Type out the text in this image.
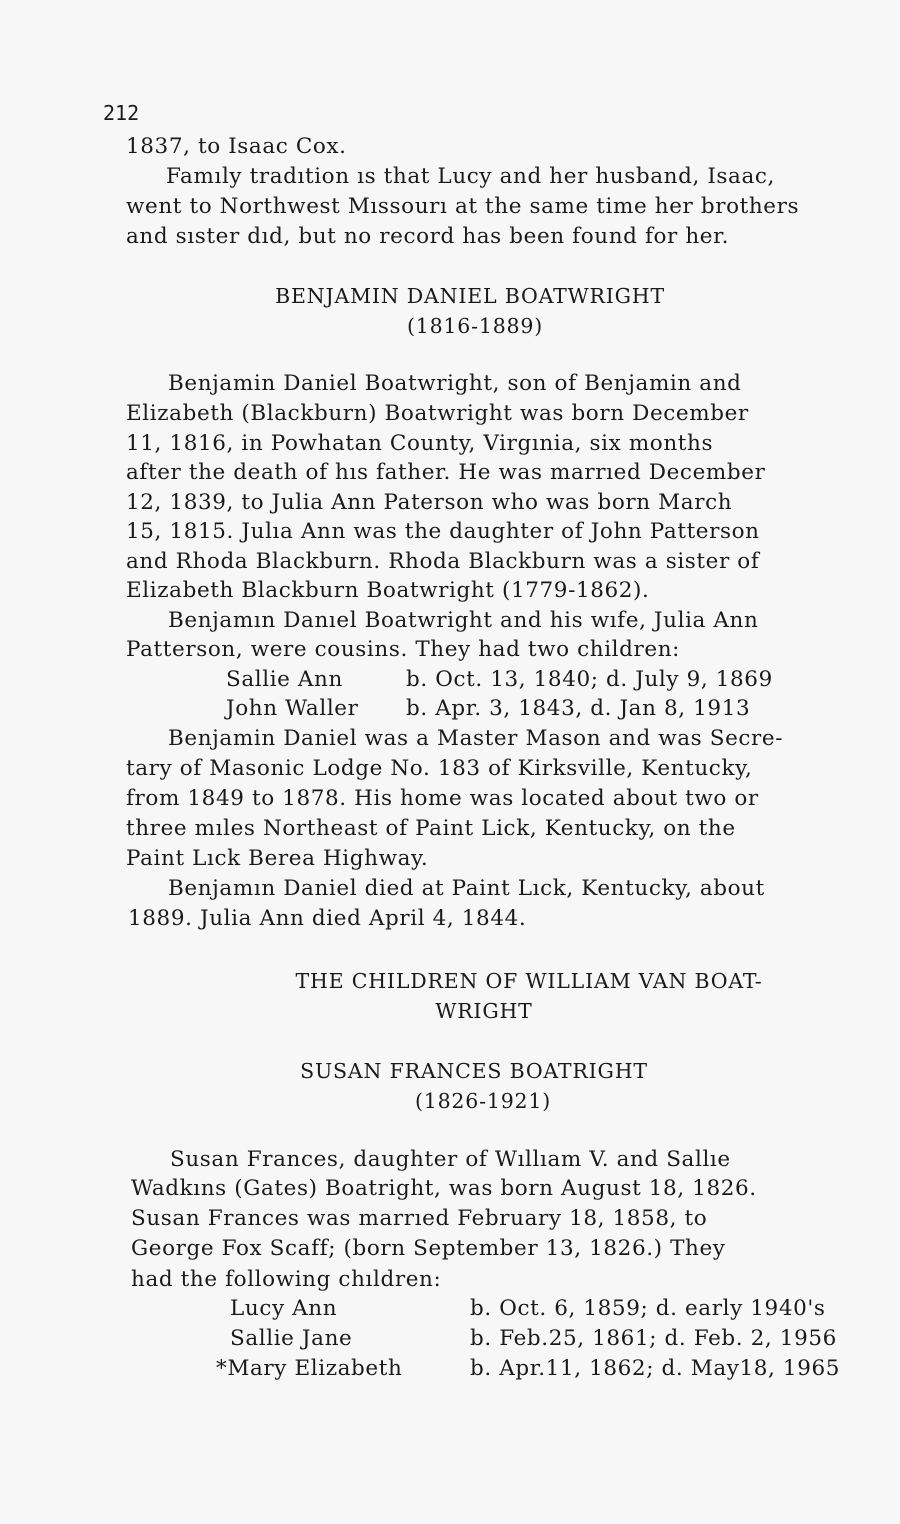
212
1837, to Isaac Cox.
Famıly tradıtion ıs that Lucy and her husband, Isaac,
went to Northwest Mıssourı at the same time her brothers
and sıster dıd, but no record has been found for her.
BENJAMIN DANIEL BOATWRIGHT
(1816-1889)
Benjamin Daniel Boatwright, son of Benjamin and
Elizabeth (Blackburn) Boatwright was born December
11, 1816, in Powhatan County, Virgınia, six months
after the death of hıs father. He was marrıed December
12, 1839, to Julia Ann Paterson who was born March
15, 1815. Julıa Ann was the daughter of John Patterson
and Rhoda Blackburn. Rhoda Blackburn was a sister of
Elizabeth Blackburn Boatwright (1779-1862).
Benjamın Danıel Boatwright and his wıfe, Julia Ann
Patterson, were cousins. They had two children:
Sallie Ann	b. Oct. 13, 1840; d. July 9, 1869
John Waller b. Apr. 3, 1843, d. Jan 8, 1913
Benjamin Daniel was a Master Mason and was Secre-
tary of Masonic Lodge No. 183 of Kirksville, Kentucky,
from 1849 to 1878. His home was located about two or
three mıles Northeast of Paint Lick, Kentucky, on the
Paint Lıck Berea Highway.
Benjamın Daniel died at Paint Lıck, Kentucky, about
1889. Julia Ann died April 4, 1844.
THE CHILDREN OF WILLIAM VAN BOAT-
WRIGHT
SUSAN FRANCES BOATRIGHT
(1826-1921)
Susan Frances, daughter of Wıllıam V. and Sallıe
Wadkıns (Gates) Boatright, was born August 18, 1826.
Susan Frances was marrıed February 18, 1858, to
George Fox Scaff; (born September 13, 1826.) They
had the following chıldren:
Lucy Ann	b. Oct. 6, 1859; d. early 1940's
Sallie Jane	b. Feb.25, 1861; d. Feb. 2, 1956
*Mary Elizabeth	b. Apr.11, 1862; d. May18, 1965
